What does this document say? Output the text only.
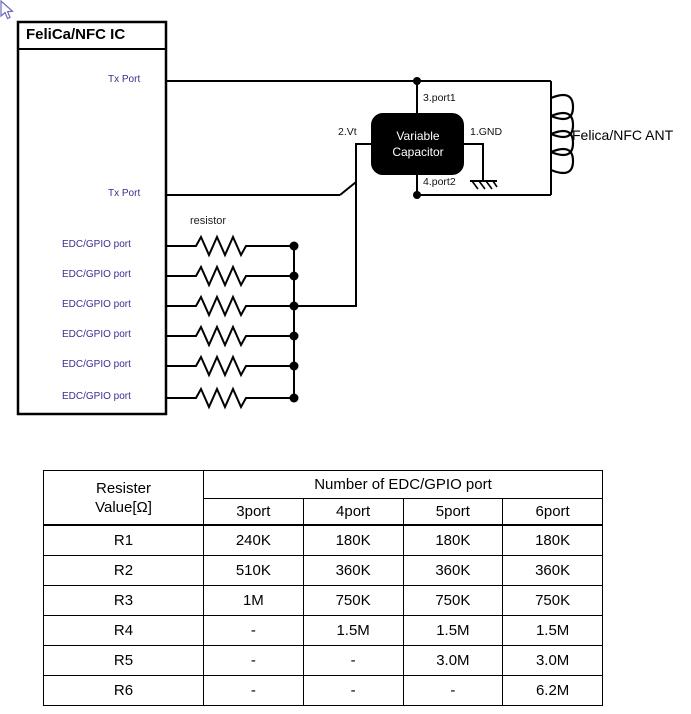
FeliCa/NFC IC
Tx Port
Tx Port
EDC/GPIO port
EDC/GPIO port
EDC/GPIO port
EDC/GPIO port
EDC/GPIO port
EDC/GPIO port
resistor
Variable
Capacitor
2.Vt
3.port1
1.GND
4.port2
Felica/NFC ANT
Resister
Value[Ω]	Number of EDC/GPIO port			
	3port	4port	5port	6port
R1	240K	180K	180K	180K
R2	510K	360K	360K	360K
R3	1M	750K	750K	750K
R4	-	1.5M	1.5M	1.5M
R5	-	-	3.0M	3.0M
R6	-	-	-	6.2M
